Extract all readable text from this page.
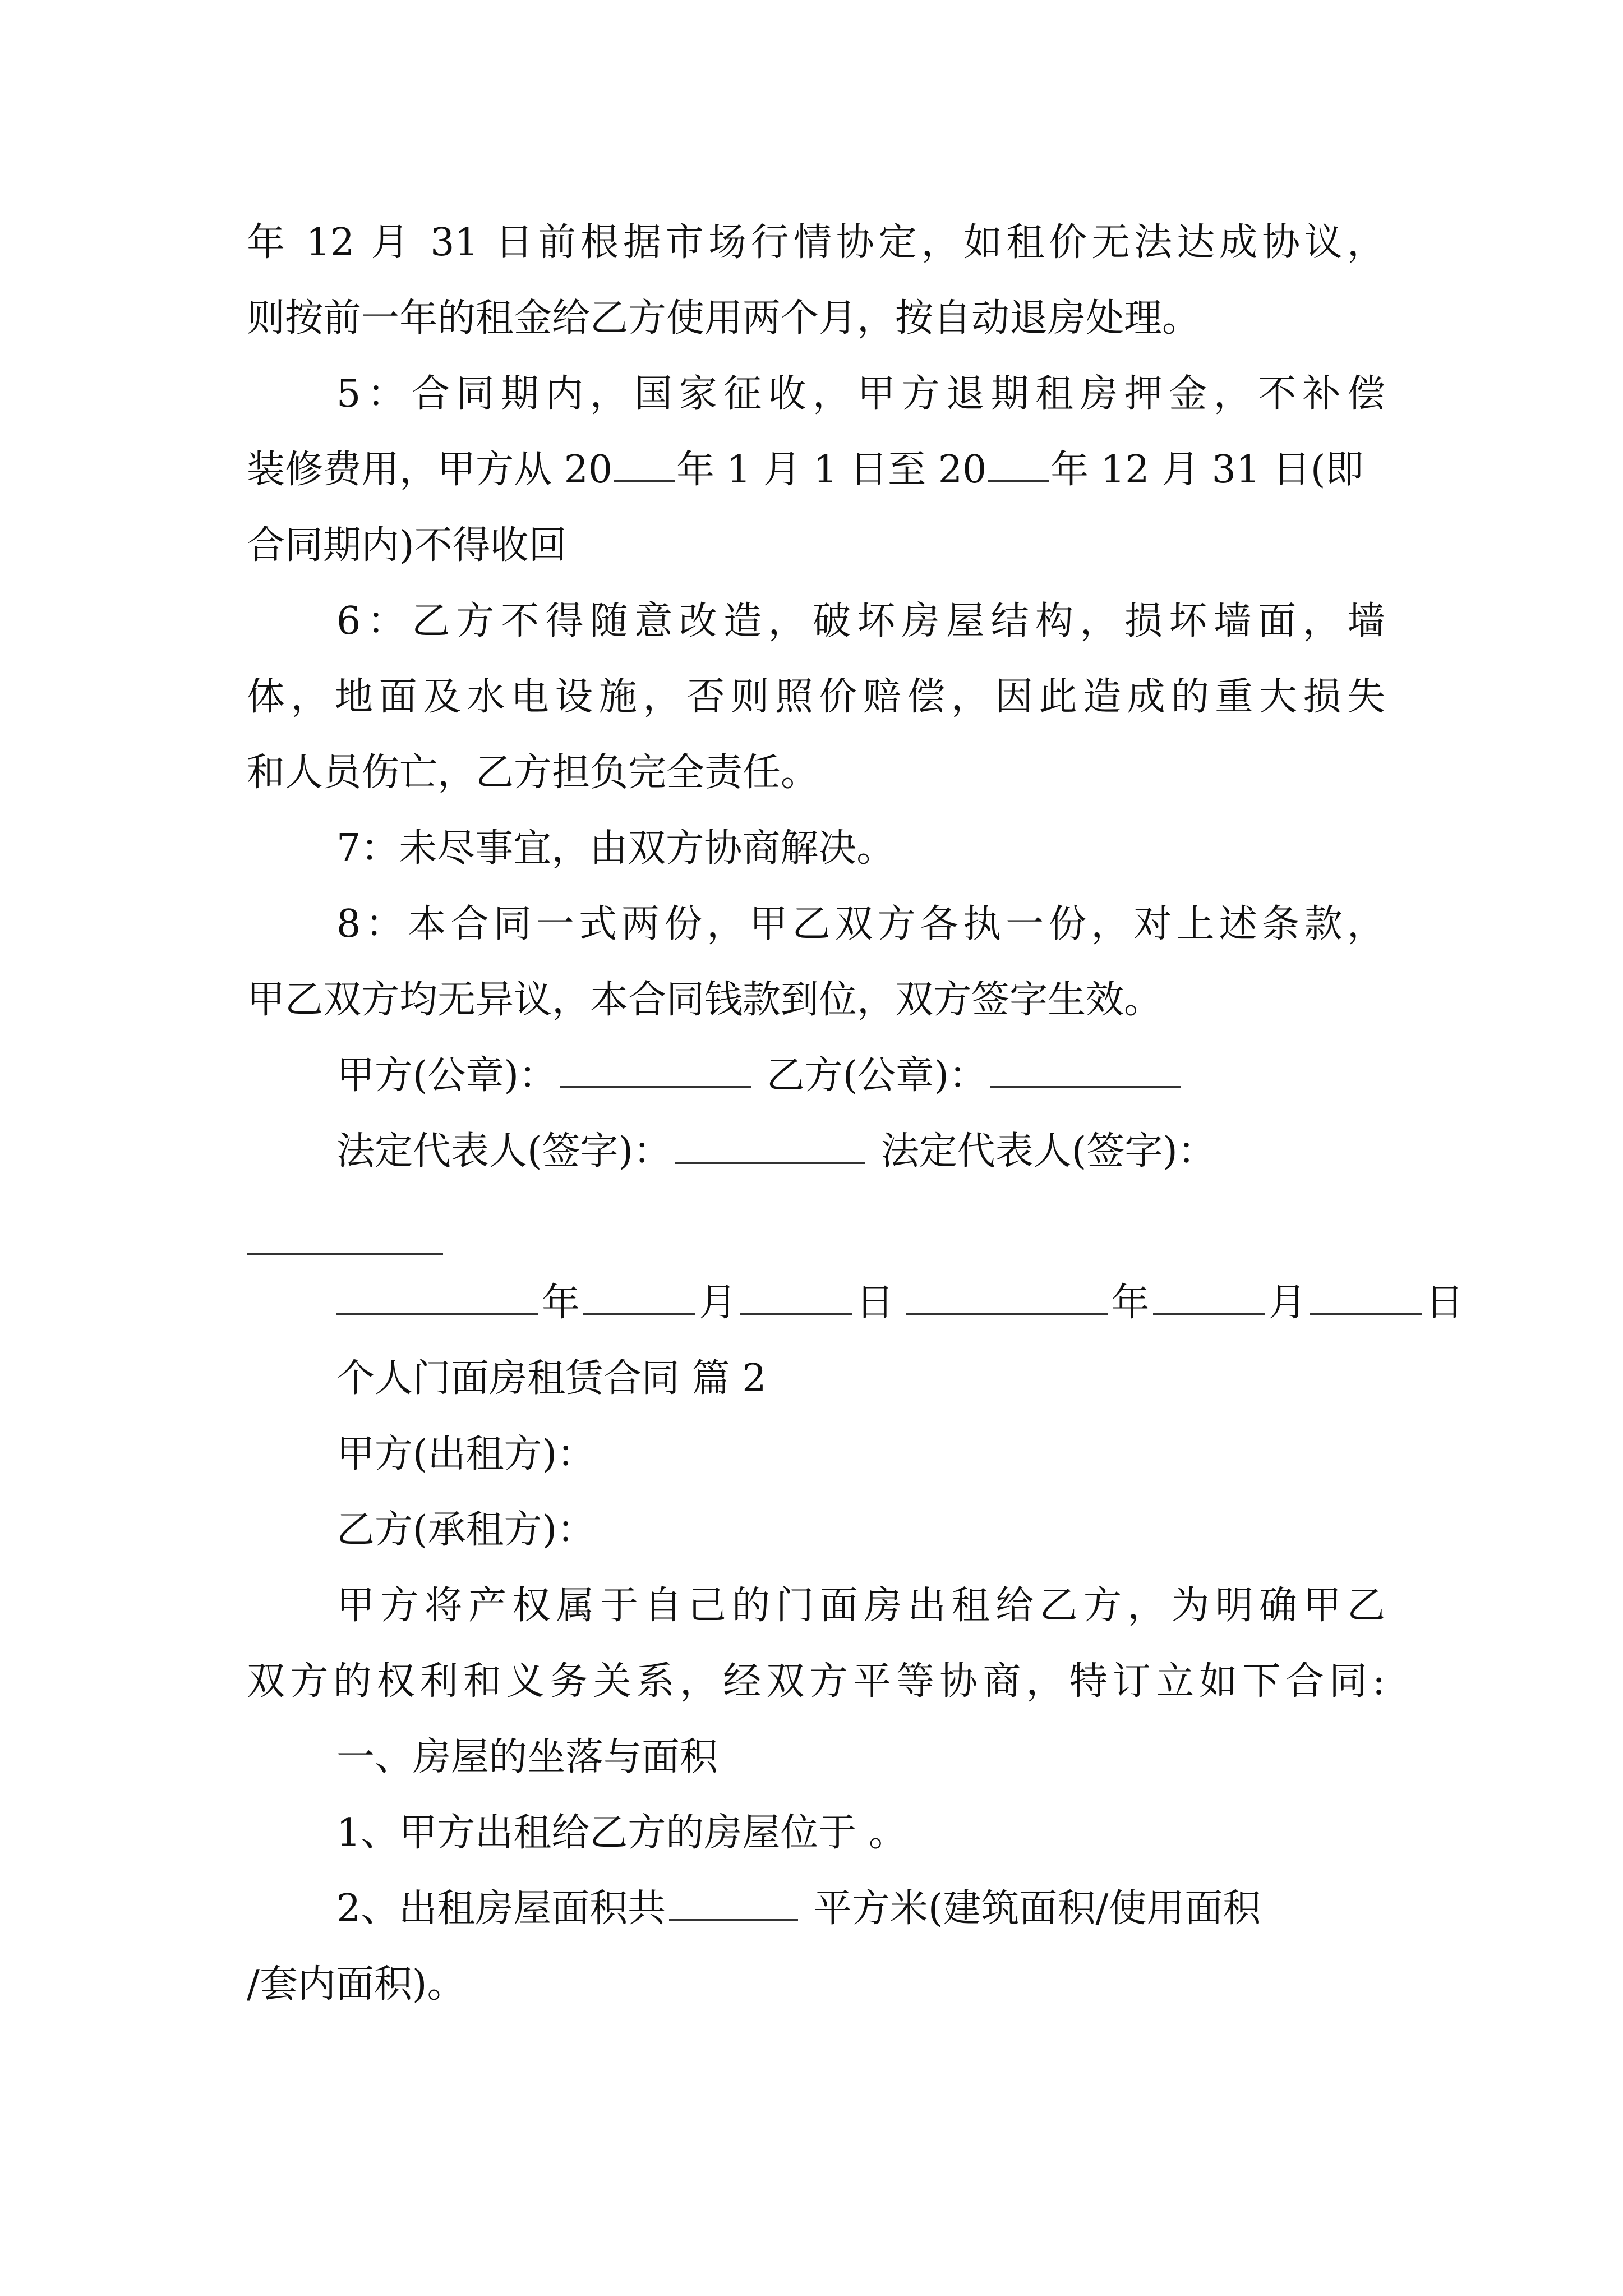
年 12 月 31 日前根据市场行情协定，如租价无法达成协议，
则按前一年的租金给乙方使用两个月，按自动退房处理。
5：合同期内，国家征收，甲方退期租房押金，不补偿
装修费用，甲方从 20 年 1 月 1 日至 20 年 12 月 31 日(即
合同期内)不得收回
6：乙方不得随意改造，破坏房屋结构，损坏墙面，墙
体，地面及水电设施，否则照价赔偿，因此造成的重大损失
和人员伤亡，乙方担负完全责任。
7：未尽事宜，由双方协商解决。
8：本合同一式两份，甲乙双方各执一份，对上述条款，
甲乙双方均无异议，本合同钱款到位，双方签字生效。
甲方(公章)：	乙方(公章)：
法定代表人(签字)：	法定代表人(签字)：
年	月	日	年	月	日
个人门面房租赁合同 篇 2
甲方(出租方)：
乙方(承租方)：
甲方将产权属于自己的门面房出租给乙方，为明确甲乙
双方的权利和义务关系，经双方平等协商，特订立如下合同:
一、房屋的坐落与面积
1、甲方出租给乙方的房屋位于 。
2、出租房屋面积共	平方米(建筑面积/使用面积
/套内面积)。
